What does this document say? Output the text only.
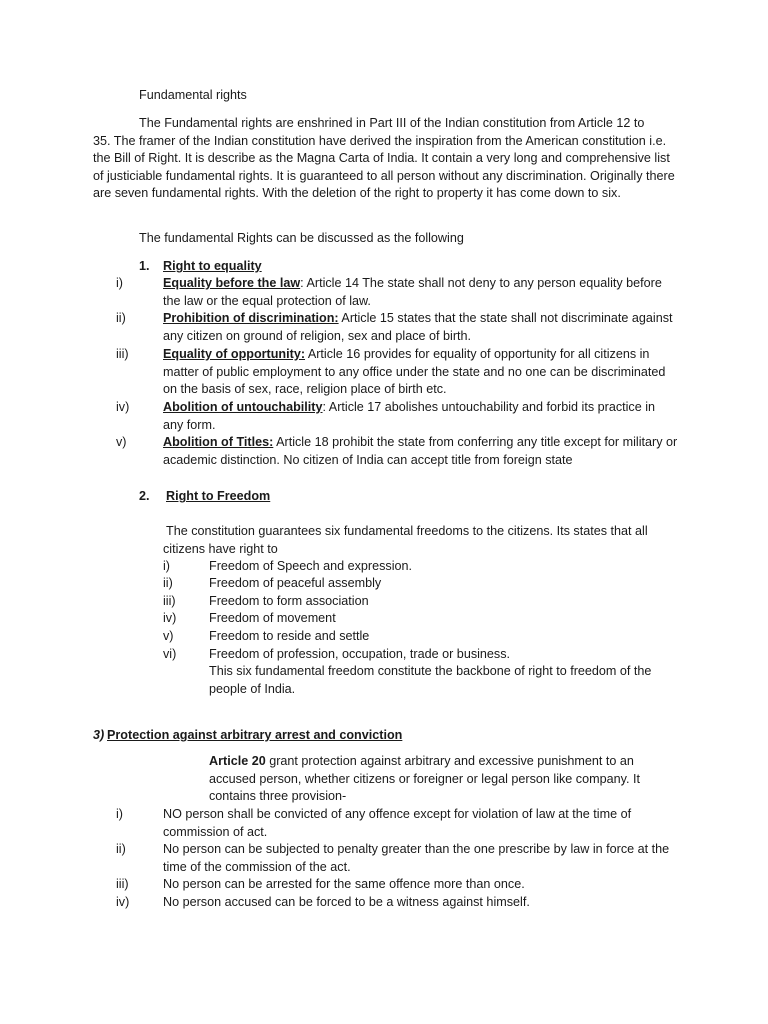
Fundamental rights

The Fundamental rights are enshrined in Part III of the Indian constitution from Article 12 to

35. The framer of the Indian constitution have derived the inspiration from the American constitution i.e. the Bill of Right. It is describe as the Magna Carta of India. It contain a very long and comprehensive list of justiciable fundamental rights. It is guaranteed to all person without any discrimination. Originally there are seven fundamental rights. With the deletion of the right to property it has come down to six.

The fundamental Rights can be discussed as the following

1. Right to equality
i)	Equality before the law: Article 14 The state shall not deny to any person equality before the law or the equal protection of law.

ii)	Prohibition of discrimination: Article 15 states that the state shall not discriminate against any citizen on ground of religion, sex and place of birth.

iii)	Equality of opportunity: Article 16 provides for equality of opportunity for all citizens in matter of public employment to any office under the state and no one can be discriminated on the basis of sex, race, religion place of birth etc.

iv)	Abolition of untouchability: Article 17 abolishes untouchability and forbid its practice in any form.

v)	Abolition of Titles: Article 18 prohibit the state from conferring any title except for military or academic distinction. No citizen of India can accept title from foreign state

2. Right to Freedom

The constitution guarantees six fundamental freedoms to the citizens. Its states that all citizens have right to

i)	Freedom of Speech and expression.
ii)	Freedom of peaceful assembly
iii)	Freedom to form association
iv)	Freedom of movement
v)	Freedom to reside and settle
vi)	Freedom of profession, occupation, trade or business.

This six fundamental freedom constitute the backbone of right to freedom of the people of India.

3) Protection against arbitrary arrest and conviction

Article 20 grant protection against arbitrary and excessive punishment to an accused person, whether citizens or foreigner or legal person like company. It contains three provision-

i)	NO person shall be convicted of any offence except for violation of law at the time of commission of act.

ii)	No person can be subjected to penalty greater than the one prescribe by law in force at the time of the commission of the act.

iii)	No person can be arrested for the same offence more than once.

iv)	No person accused can be forced to be a witness against himself.
